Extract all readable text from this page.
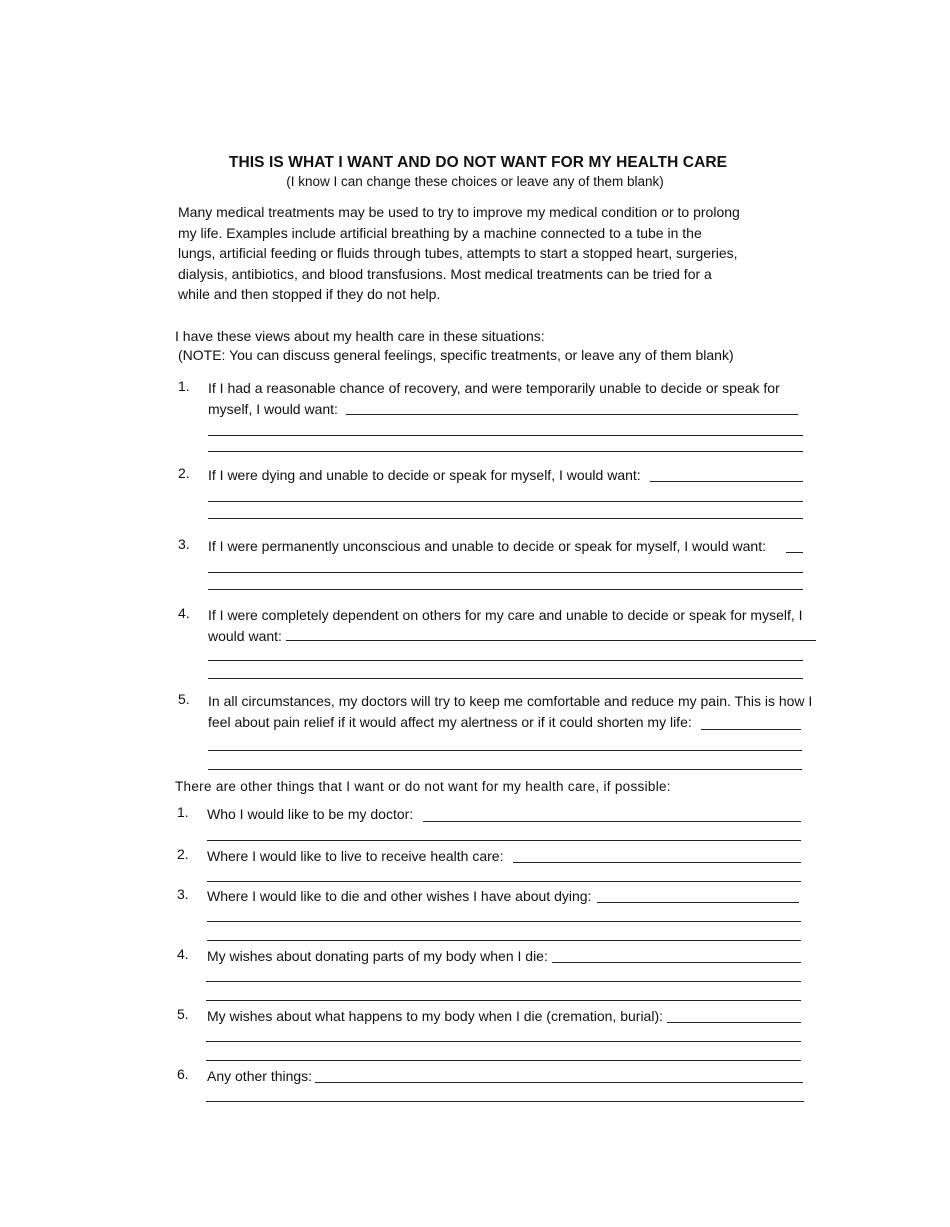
THIS IS WHAT I WANT AND DO NOT WANT FOR MY HEALTH CARE
(I know I can change these choices or leave any of them blank)

Many medical treatments may be used to try to improve my medical condition or to prolong

my life. Examples include artificial breathing by a machine connected to a tube in the

lungs, artificial feeding or fluids through tubes, attempts to start a stopped heart, surgeries,

dialysis, antibiotics, and blood transfusions. Most medical treatments can be tried for a

while and then stopped if they do not help.

I have these views about my health care in these situations:

(NOTE: You can discuss general feelings, specific treatments, or leave any of them blank)

1.	If I had a reasonable chance of recovery, and were temporarily unable to decide or speak for
myself, I would want:
2.	If I were dying and unable to decide or speak for myself, I would want:
3.	If I were permanently unconscious and unable to decide or speak for myself, I would want:
4.	If I were completely dependent on others for my care and unable to decide or speak for myself, I
would want:
5.	In all circumstances, my doctors will try to keep me comfortable and reduce my pain. This is how I
feel about pain relief if it would affect my alertness or if it could shorten my life:
There are other things that I want or do not want for my health care, if possible:
1.	Who I would like to be my doctor:
2.	Where I would like to live to receive health care:
3.	Where I would like to die and other wishes I have about dying:
4.	My wishes about donating parts of my body when I die:
5.	My wishes about what happens to my body when I die (cremation, burial):
6.	Any other things:
